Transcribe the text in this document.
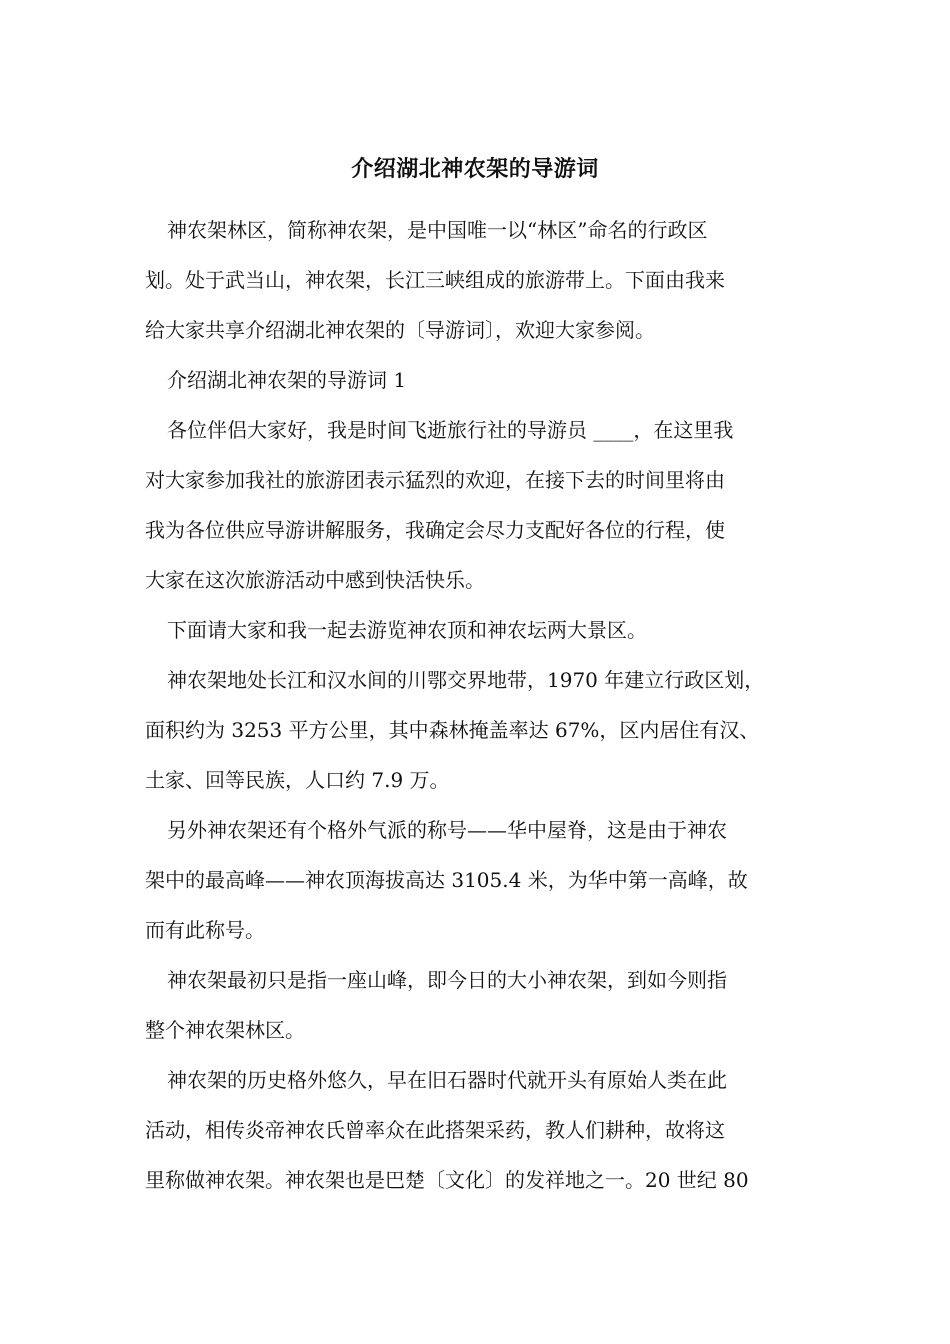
介绍湖北神农架的导游词

神农架林区，简称神农架，是中国唯一以“林区”命名的行政区
划。处于武当山，神农架，长江三峡组成的旅游带上。下面由我来
给大家共享介绍湖北神农架的〔导游词〕，欢迎大家参阅。

介绍湖北神农架的导游词 1

各位伴侣大家好，我是时间飞逝旅行社的导游员 ____，在这里我
对大家参加我社的旅游团表示猛烈的欢迎，在接下去的时间里将由
我为各位供应导游讲解服务，我确定会尽力支配好各位的行程，使
大家在这次旅游活动中感到快活快乐。

下面请大家和我一起去游览神农顶和神农坛两大景区。

神农架地处长江和汉水间的川鄂交界地带，1970 年建立行政区划，
面积约为 3253 平方公里，其中森林掩盖率达 67%，区内居住有汉、
土家、回等民族，人口约 7.9 万。

另外神农架还有个格外气派的称号——华中屋脊，这是由于神农
架中的最高峰——神农顶海拔高达 3105.4 米，为华中第一高峰，故
而有此称号。

神农架最初只是指一座山峰，即今日的大小神农架，到如今则指
整个神农架林区。

神农架的历史格外悠久，早在旧石器时代就开头有原始人类在此
活动，相传炎帝神农氏曾率众在此搭架采药，教人们耕种，故将这
里称做神农架。神农架也是巴楚〔文化〕的发祥地之一。20 世纪 80
